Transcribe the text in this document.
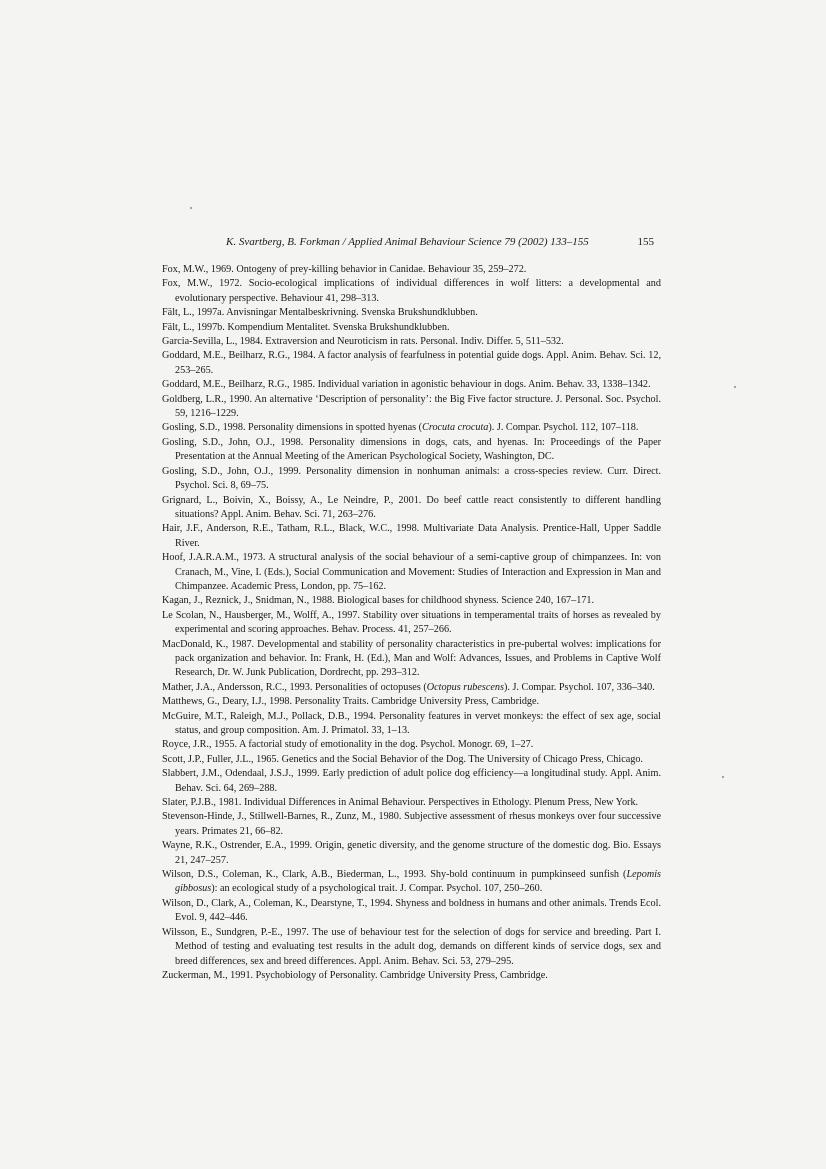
K. Svartberg, B. Forkman / Applied Animal Behaviour Science 79 (2002) 133–155	155

Fox, M.W., 1969. Ontogeny of prey-killing behavior in Canidae. Behaviour 35, 259–272.

Fox, M.W., 1972. Socio-ecological implications of individual differences in wolf litters: a developmental and evolutionary perspective. Behaviour 41, 298–313.

Fält, L., 1997a. Anvisningar Mentalbeskrivning. Svenska Brukshundklubben.

Fält, L., 1997b. Kompendium Mentalitet. Svenska Brukshundklubben.

Garcia-Sevilla, L., 1984. Extraversion and Neuroticism in rats. Personal. Indiv. Differ. 5, 511–532.

Goddard, M.E., Beilharz, R.G., 1984. A factor analysis of fearfulness in potential guide dogs. Appl. Anim. Behav. Sci. 12, 253–265.

Goddard, M.E., Beilharz, R.G., 1985. Individual variation in agonistic behaviour in dogs. Anim. Behav. 33, 1338–1342.

Goldberg, L.R., 1990. An alternative ‘Description of personality’: the Big Five factor structure. J. Personal. Soc. Psychol. 59, 1216–1229.

Gosling, S.D., 1998. Personality dimensions in spotted hyenas (Crocuta crocuta). J. Compar. Psychol. 112, 107–118.

Gosling, S.D., John, O.J., 1998. Personality dimensions in dogs, cats, and hyenas. In: Proceedings of the Paper Presentation at the Annual Meeting of the American Psychological Society, Washington, DC.

Gosling, S.D., John, O.J., 1999. Personality dimension in nonhuman animals: a cross-species review. Curr. Direct. Psychol. Sci. 8, 69–75.

Grignard, L., Boivin, X., Boissy, A., Le Neindre, P., 2001. Do beef cattle react consistently to different handling situations? Appl. Anim. Behav. Sci. 71, 263–276.

Hair, J.F., Anderson, R.E., Tatham, R.L., Black, W.C., 1998. Multivariate Data Analysis. Prentice-Hall, Upper Saddle River.

Hoof, J.A.R.A.M., 1973. A structural analysis of the social behaviour of a semi-captive group of chimpanzees. In: von Cranach, M., Vine, I. (Eds.), Social Communication and Movement: Studies of Interaction and Expression in Man and Chimpanzee. Academic Press, London, pp. 75–162.

Kagan, J., Reznick, J., Snidman, N., 1988. Biological bases for childhood shyness. Science 240, 167–171.

Le Scolan, N., Hausberger, M., Wolff, A., 1997. Stability over situations in temperamental traits of horses as revealed by experimental and scoring approaches. Behav. Process. 41, 257–266.

MacDonald, K., 1987. Developmental and stability of personality characteristics in pre-pubertal wolves: implications for pack organization and behavior. In: Frank, H. (Ed.), Man and Wolf: Advances, Issues, and Problems in Captive Wolf Research, Dr. W. Junk Publication, Dordrecht, pp. 293–312.

Mather, J.A., Andersson, R.C., 1993. Personalities of octopuses (Octopus rubescens). J. Compar. Psychol. 107, 336–340.

Matthews, G., Deary, I.J., 1998. Personality Traits. Cambridge University Press, Cambridge.

McGuire, M.T., Raleigh, M.J., Pollack, D.B., 1994. Personality features in vervet monkeys: the effect of sex age, social status, and group composition. Am. J. Primatol. 33, 1–13.

Royce, J.R., 1955. A factorial study of emotionality in the dog. Psychol. Monogr. 69, 1–27.

Scott, J.P., Fuller, J.L., 1965. Genetics and the Social Behavior of the Dog. The University of Chicago Press, Chicago.

Slabbert, J.M., Odendaal, J.S.J., 1999. Early prediction of adult police dog efficiency—a longitudinal study. Appl. Anim. Behav. Sci. 64, 269–288.

Slater, P.J.B., 1981. Individual Differences in Animal Behaviour. Perspectives in Ethology. Plenum Press, New York.

Stevenson-Hinde, J., Stillwell-Barnes, R., Zunz, M., 1980. Subjective assessment of rhesus monkeys over four successive years. Primates 21, 66–82.

Wayne, R.K., Ostrender, E.A., 1999. Origin, genetic diversity, and the genome structure of the domestic dog. Bio. Essays 21, 247–257.

Wilson, D.S., Coleman, K., Clark, A.B., Biederman, L., 1993. Shy-bold continuum in pumpkinseed sunfish (Lepomis gibbosus): an ecological study of a psychological trait. J. Compar. Psychol. 107, 250–260.

Wilson, D., Clark, A., Coleman, K., Dearstyne, T., 1994. Shyness and boldness in humans and other animals. Trends Ecol. Evol. 9, 442–446.

Wilsson, E., Sundgren, P.-E., 1997. The use of behaviour test for the selection of dogs for service and breeding. Part I. Method of testing and evaluating test results in the adult dog, demands on different kinds of service dogs, sex and breed differences, sex and breed differences. Appl. Anim. Behav. Sci. 53, 279–295.

Zuckerman, M., 1991. Psychobiology of Personality. Cambridge University Press, Cambridge.
